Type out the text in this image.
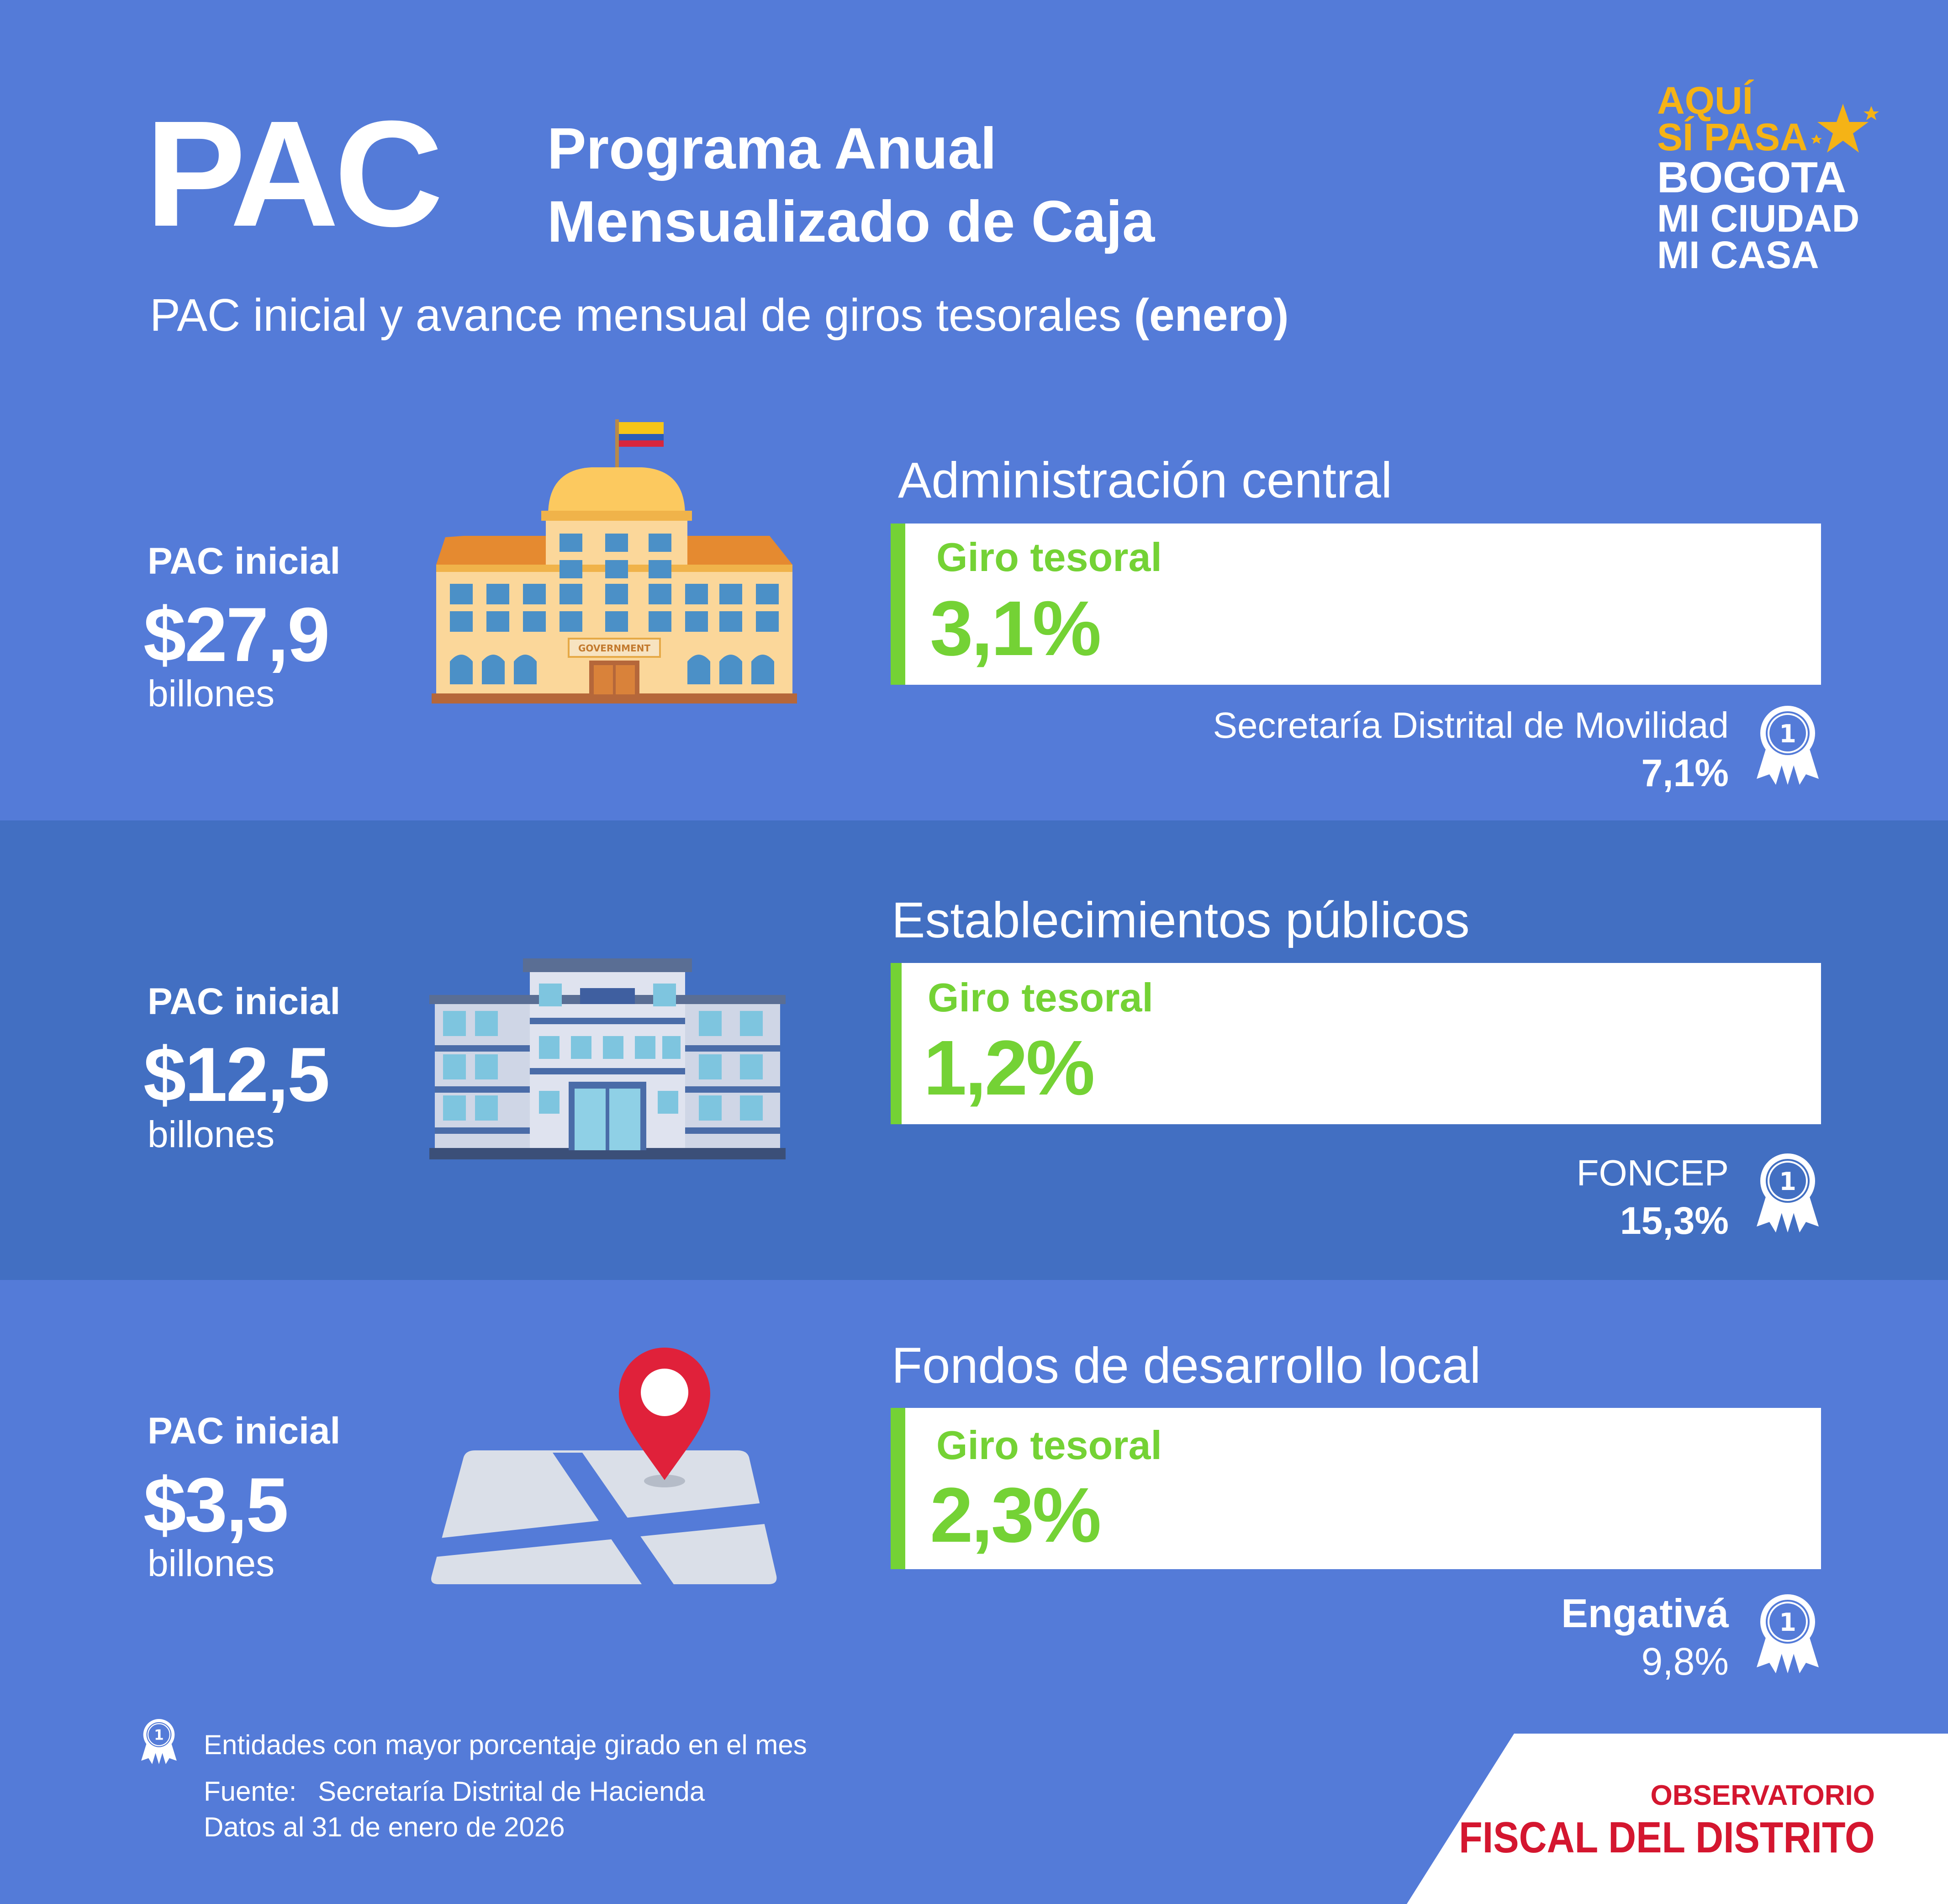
PAC Programa Anual
Mensualizado de Caja
PAC inicial y avance mensual de giros tesorales (enero)
AQUÍ
SÍ PASA
BOGOTA
MI CIUDAD
MI CASA
PAC inicial
$27,9
billones
GOVERNMENT
Administración central
Giro tesoral
3,1%
Secretaría Distrital de Movilidad
7,1%
1
PAC inicial
$12,5
billones
Establecimientos públicos
Giro tesoral
1,2%
FONCEP
15,3%
1
PAC inicial
$3,5
billones
Fondos de desarrollo local
Giro tesoral
2,3%
Engativá
9,8%
1
1 Entidades con mayor porcentaje girado en el mes
Fuente: Secretaría Distrital de Hacienda
Datos al 31 de enero de 2026
OBSERVATORIO
FISCAL DEL DISTRITO
